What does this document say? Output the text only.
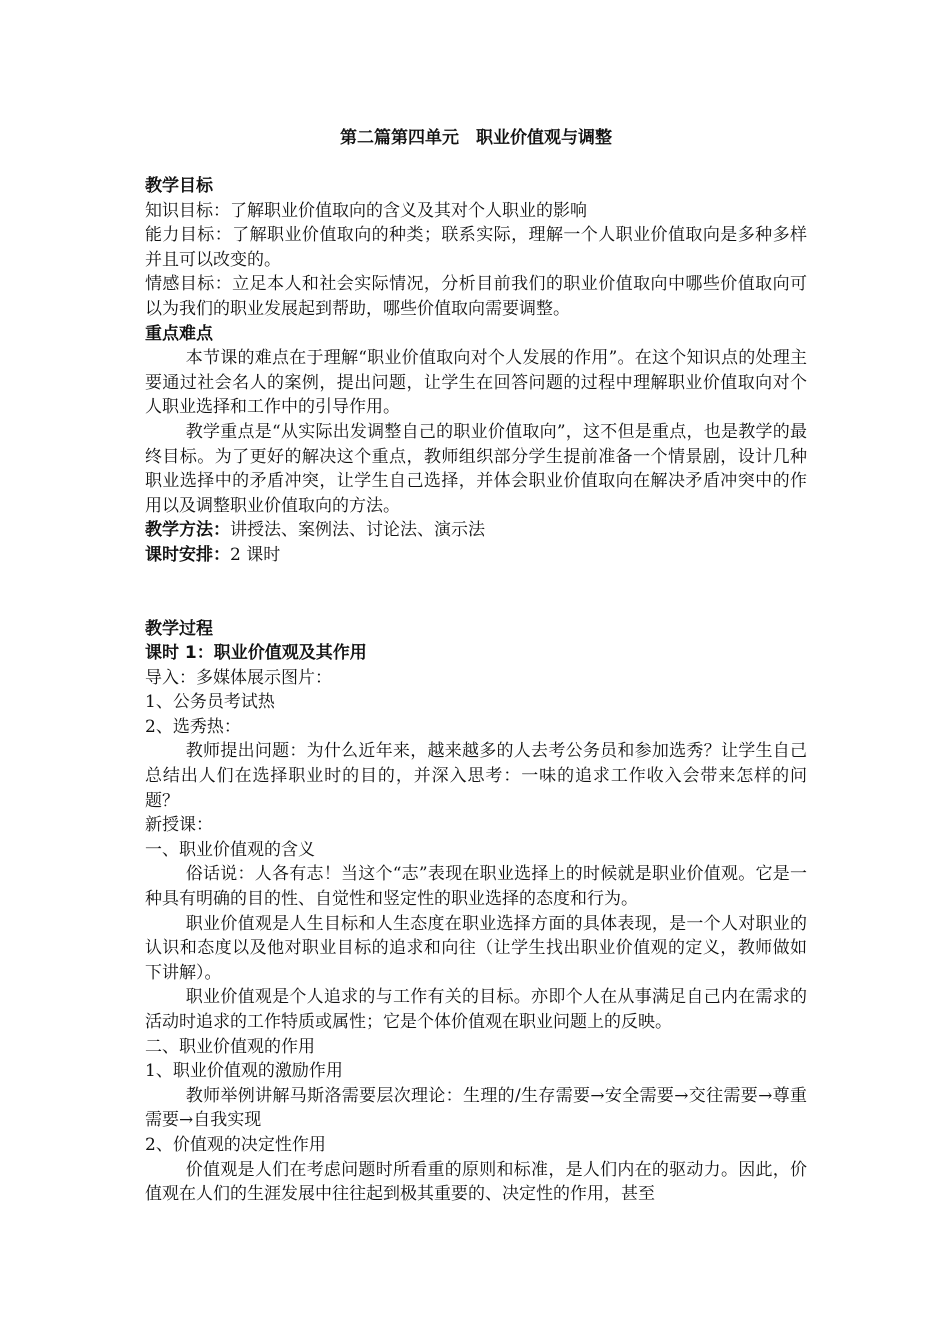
第二篇第四单元　职业价值观与调整

教学目标

知识目标：了解职业价值取向的含义及其对个人职业的影响

能力目标：了解职业价值取向的种类；联系实际，理解一个人职业价值取向是多种多样并且可以改变的。

情感目标：立足本人和社会实际情况，分析目前我们的职业价值取向中哪些价值取向可以为我们的职业发展起到帮助，哪些价值取向需要调整。

重点难点

本节课的难点在于理解“职业价值取向对个人发展的作用”。在这个知识点的处理主要通过社会名人的案例，提出问题，让学生在回答问题的过程中理解职业价值取向对个人职业选择和工作中的引导作用。

教学重点是“从实际出发调整自己的职业价值取向”，这不但是重点，也是教学的最终目标。为了更好的解决这个重点，教师组织部分学生提前准备一个情景剧，设计几种职业选择中的矛盾冲突，让学生自己选择，并体会职业价值取向在解决矛盾冲突中的作用以及调整职业价值取向的方法。

教学方法：讲授法、案例法、讨论法、演示法

课时安排：2 课时

教学过程

课时 1：职业价值观及其作用

导入：多媒体展示图片：

1、公务员考试热

2、选秀热：

教师提出问题：为什么近年来，越来越多的人去考公务员和参加选秀？让学生自己总结出人们在选择职业时的目的，并深入思考：一味的追求工作收入会带来怎样的问题？

新授课：

一、职业价值观的含义

俗话说：人各有志！当这个“志”表现在职业选择上的时候就是职业价值观。它是一种具有明确的目的性、自觉性和竖定性的职业选择的态度和行为。

职业价值观是人生目标和人生态度在职业选择方面的具体表现，是一个人对职业的认识和态度以及他对职业目标的追求和向往（让学生找出职业价值观的定义，教师做如下讲解）。

职业价值观是个人追求的与工作有关的目标。亦即个人在从事满足自己内在需求的活动时追求的工作特质或属性；它是个体价值观在职业问题上的反映。

二、职业价值观的作用

1、职业价值观的激励作用

教师举例讲解马斯洛需要层次理论：生理的/生存需要→安全需要→交往需要→尊重需要→自我实现

2、价值观的决定性作用

价值观是人们在考虑问题时所看重的原则和标准，是人们内在的驱动力。因此，价值观在人们的生涯发展中往往起到极其重要的、决定性的作用，甚至
